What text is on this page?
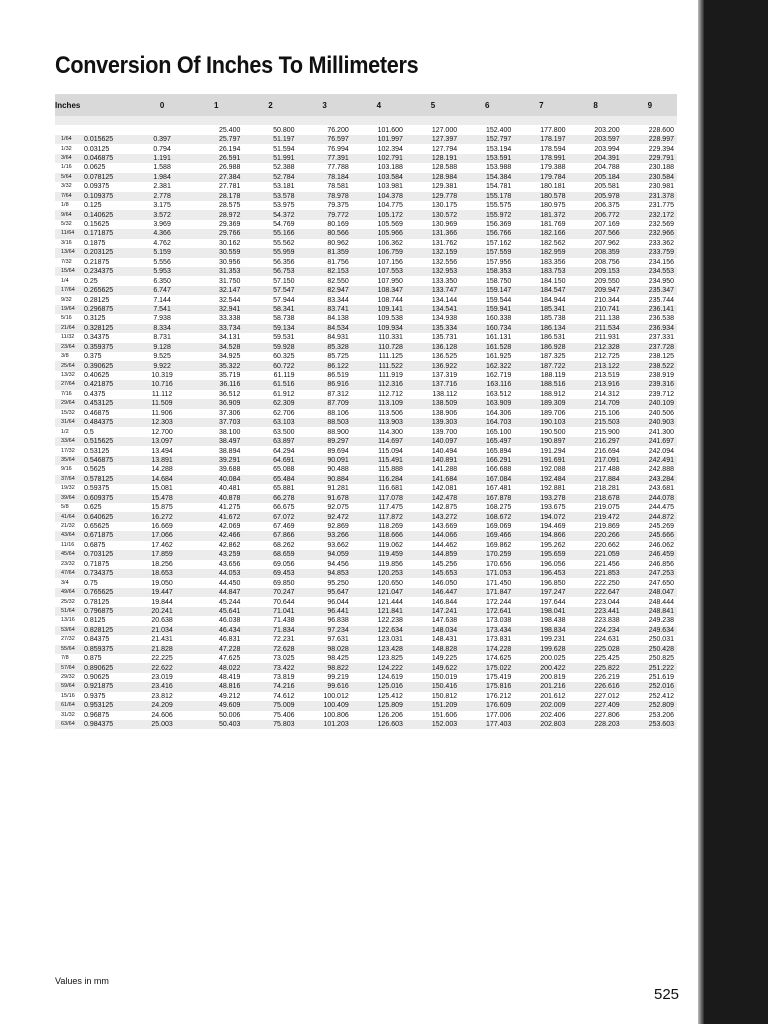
Conversion Of Inches To Millimeters
Inches		0	1	2	3	4	5	6	7	8	9

			25.400	50.800	76.200	101.600	127.000	152.400	177.800	203.200	228.600
1/64	0.015625	0.397	25.797	51.197	76.597	101.997	127.397	152.797	178.197	203.597	228.997
1/32	0.03125	0.794	26.194	51.594	76.994	102.394	127.794	153.194	178.594	203.994	229.394
3/64	0.046875	1.191	26.591	51.991	77.391	102.791	128.191	153.591	178.991	204.391	229.791
1/16	0.0625	1.588	26.988	52.388	77.788	103.188	128.588	153.988	179.388	204.788	230.188
5/64	0.078125	1.984	27.384	52.784	78.184	103.584	128.984	154.384	179.784	205.184	230.584
3/32	0.09375	2.381	27.781	53.181	78.581	103.981	129.381	154.781	180.181	205.581	230.981
7/64	0.109375	2.778	28.178	53.578	78.978	104.378	129.778	155.178	180.578	205.978	231.378
1/8	0.125	3.175	28.575	53.975	79.375	104.775	130.175	155.575	180.975	206.375	231.775
9/64	0.140625	3.572	28.972	54.372	79.772	105.172	130.572	155.972	181.372	206.772	232.172
5/32	0.15625	3.969	29.369	54.769	80.169	105.569	130.969	156.369	181.769	207.169	232.569
11/64	0.171875	4.366	29.766	55.166	80.566	105.966	131.366	156.766	182.166	207.566	232.966
3/16	0.1875	4.762	30.162	55.562	80.962	106.362	131.762	157.162	182.562	207.962	233.362
13/64	0.203125	5.159	30.559	55.959	81.359	106.759	132.159	157.559	182.959	208.359	233.759
7/32	0.21875	5.556	30.956	56.356	81.756	107.156	132.556	157.956	183.356	208.756	234.156
15/64	0.234375	5.953	31.353	56.753	82.153	107.553	132.953	158.353	183.753	209.153	234.553
1/4	0.25	6.350	31.750	57.150	82.550	107.950	133.350	158.750	184.150	209.550	234.950
17/64	0.265625	6.747	32.147	57.547	82.947	108.347	133.747	159.147	184.547	209.947	235.347
9/32	0.28125	7.144	32.544	57.944	83.344	108.744	134.144	159.544	184.944	210.344	235.744
19/64	0.296875	7.541	32.941	58.341	83.741	109.141	134.541	159.941	185.341	210.741	236.141
5/16	0.3125	7.938	33.338	58.738	84.138	109.538	134.938	160.338	185.738	211.138	236.538
21/64	0.328125	8.334	33.734	59.134	84.534	109.934	135.334	160.734	186.134	211.534	236.934
11/32	0.34375	8.731	34.131	59.531	84.931	110.331	135.731	161.131	186.531	211.931	237.331
23/64	0.359375	9.128	34.528	59.928	85.328	110.728	136.128	161.528	186.928	212.328	237.728
3/8	0.375	9.525	34.925	60.325	85.725	111.125	136.525	161.925	187.325	212.725	238.125
25/64	0.390625	9.922	35.322	60.722	86.122	111.522	136.922	162.322	187.722	213.122	238.522
13/32	0.40625	10.319	35.719	61.119	86.519	111.919	137.319	162.719	188.119	213.519	238.919
27/64	0.421875	10.716	36.116	61.516	86.916	112.316	137.716	163.116	188.516	213.916	239.316
7/16	0.4375	11.112	36.512	61.912	87.312	112.712	138.112	163.512	188.912	214.312	239.712
29/64	0.453125	11.509	36.909	62.309	87.709	113.109	138.509	163.909	189.309	214.709	240.109
15/32	0.46875	11.906	37.306	62.706	88.106	113.506	138.906	164.306	189.706	215.106	240.506
31/64	0.484375	12.303	37.703	63.103	88.503	113.903	139.303	164.703	190.103	215.503	240.903
1/2	0.5	12.700	38.100	63.500	88.900	114.300	139.700	165.100	190.500	215.900	241.300
33/64	0.515625	13.097	38.497	63.897	89.297	114.697	140.097	165.497	190.897	216.297	241.697
17/32	0.53125	13.494	38.894	64.294	89.694	115.094	140.494	165.894	191.294	216.694	242.094
35/64	0.546875	13.891	39.291	64.691	90.091	115.491	140.891	166.291	191.691	217.091	242.491
9/16	0.5625	14.288	39.688	65.088	90.488	115.888	141.288	166.688	192.088	217.488	242.888
37/64	0.578125	14.684	40.084	65.484	90.884	116.284	141.684	167.084	192.484	217.884	243.284
19/32	0.59375	15.081	40.481	65.881	91.281	116.681	142.081	167.481	192.881	218.281	243.681
39/64	0.609375	15.478	40.878	66.278	91.678	117.078	142.478	167.878	193.278	218.678	244.078
5/8	0.625	15.875	41.275	66.675	92.075	117.475	142.875	168.275	193.675	219.075	244.475
41/64	0.640625	16.272	41.672	67.072	92.472	117.872	143.272	168.672	194.072	219.472	244.872
21/32	0.65625	16.669	42.069	67.469	92.869	118.269	143.669	169.069	194.469	219.869	245.269
43/64	0.671875	17.066	42.466	67.866	93.266	118.666	144.066	169.466	194.866	220.266	245.666
11/16	0.6875	17.462	42.862	68.262	93.662	119.062	144.462	169.862	195.262	220.662	246.062
45/64	0.703125	17.859	43.259	68.659	94.059	119.459	144.859	170.259	195.659	221.059	246.459
23/32	0.71875	18.256	43.656	69.056	94.456	119.856	145.256	170.656	196.056	221.456	246.856
47/64	0.734375	18.653	44.053	69.453	94.853	120.253	145.653	171.053	196.453	221.853	247.253
3/4	0.75	19.050	44.450	69.850	95.250	120.650	146.050	171.450	196.850	222.250	247.650
49/64	0.765625	19.447	44.847	70.247	95.647	121.047	146.447	171.847	197.247	222.647	248.047
25/32	0.78125	19.844	45.244	70.644	96.044	121.444	146.844	172.244	197.644	223.044	248.444
51/64	0.796875	20.241	45.641	71.041	96.441	121.841	147.241	172.641	198.041	223.441	248.841
13/16	0.8125	20.638	46.038	71.438	96.838	122.238	147.638	173.038	198.438	223.838	249.238
53/64	0.828125	21.034	46.434	71.834	97.234	122.634	148.034	173.434	198.834	224.234	249.634
27/32	0.84375	21.431	46.831	72.231	97.631	123.031	148.431	173.831	199.231	224.631	250.031
55/64	0.859375	21.828	47.228	72.628	98.028	123.428	148.828	174.228	199.628	225.028	250.428
7/8	0.875	22.225	47.625	73.025	98.425	123.825	149.225	174.625	200.025	225.425	250.825
57/64	0.890625	22.622	48.022	73.422	98.822	124.222	149.622	175.022	200.422	225.822	251.222
29/32	0.90625	23.019	48.419	73.819	99.219	124.619	150.019	175.419	200.819	226.219	251.619
59/64	0.921875	23.416	48.816	74.216	99.616	125.016	150.416	175.816	201.216	226.616	252.016
15/16	0.9375	23.812	49.212	74.612	100.012	125.412	150.812	176.212	201.612	227.012	252.412
61/64	0.953125	24.209	49.609	75.009	100.409	125.809	151.209	176.609	202.009	227.409	252.809
31/32	0.96875	24.606	50.006	75.406	100.806	126.206	151.606	177.006	202.406	227.806	253.206
63/64	0.984375	25.003	50.403	75.803	101.203	126.603	152.003	177.403	202.803	228.203	253.603
Values in mm
525
